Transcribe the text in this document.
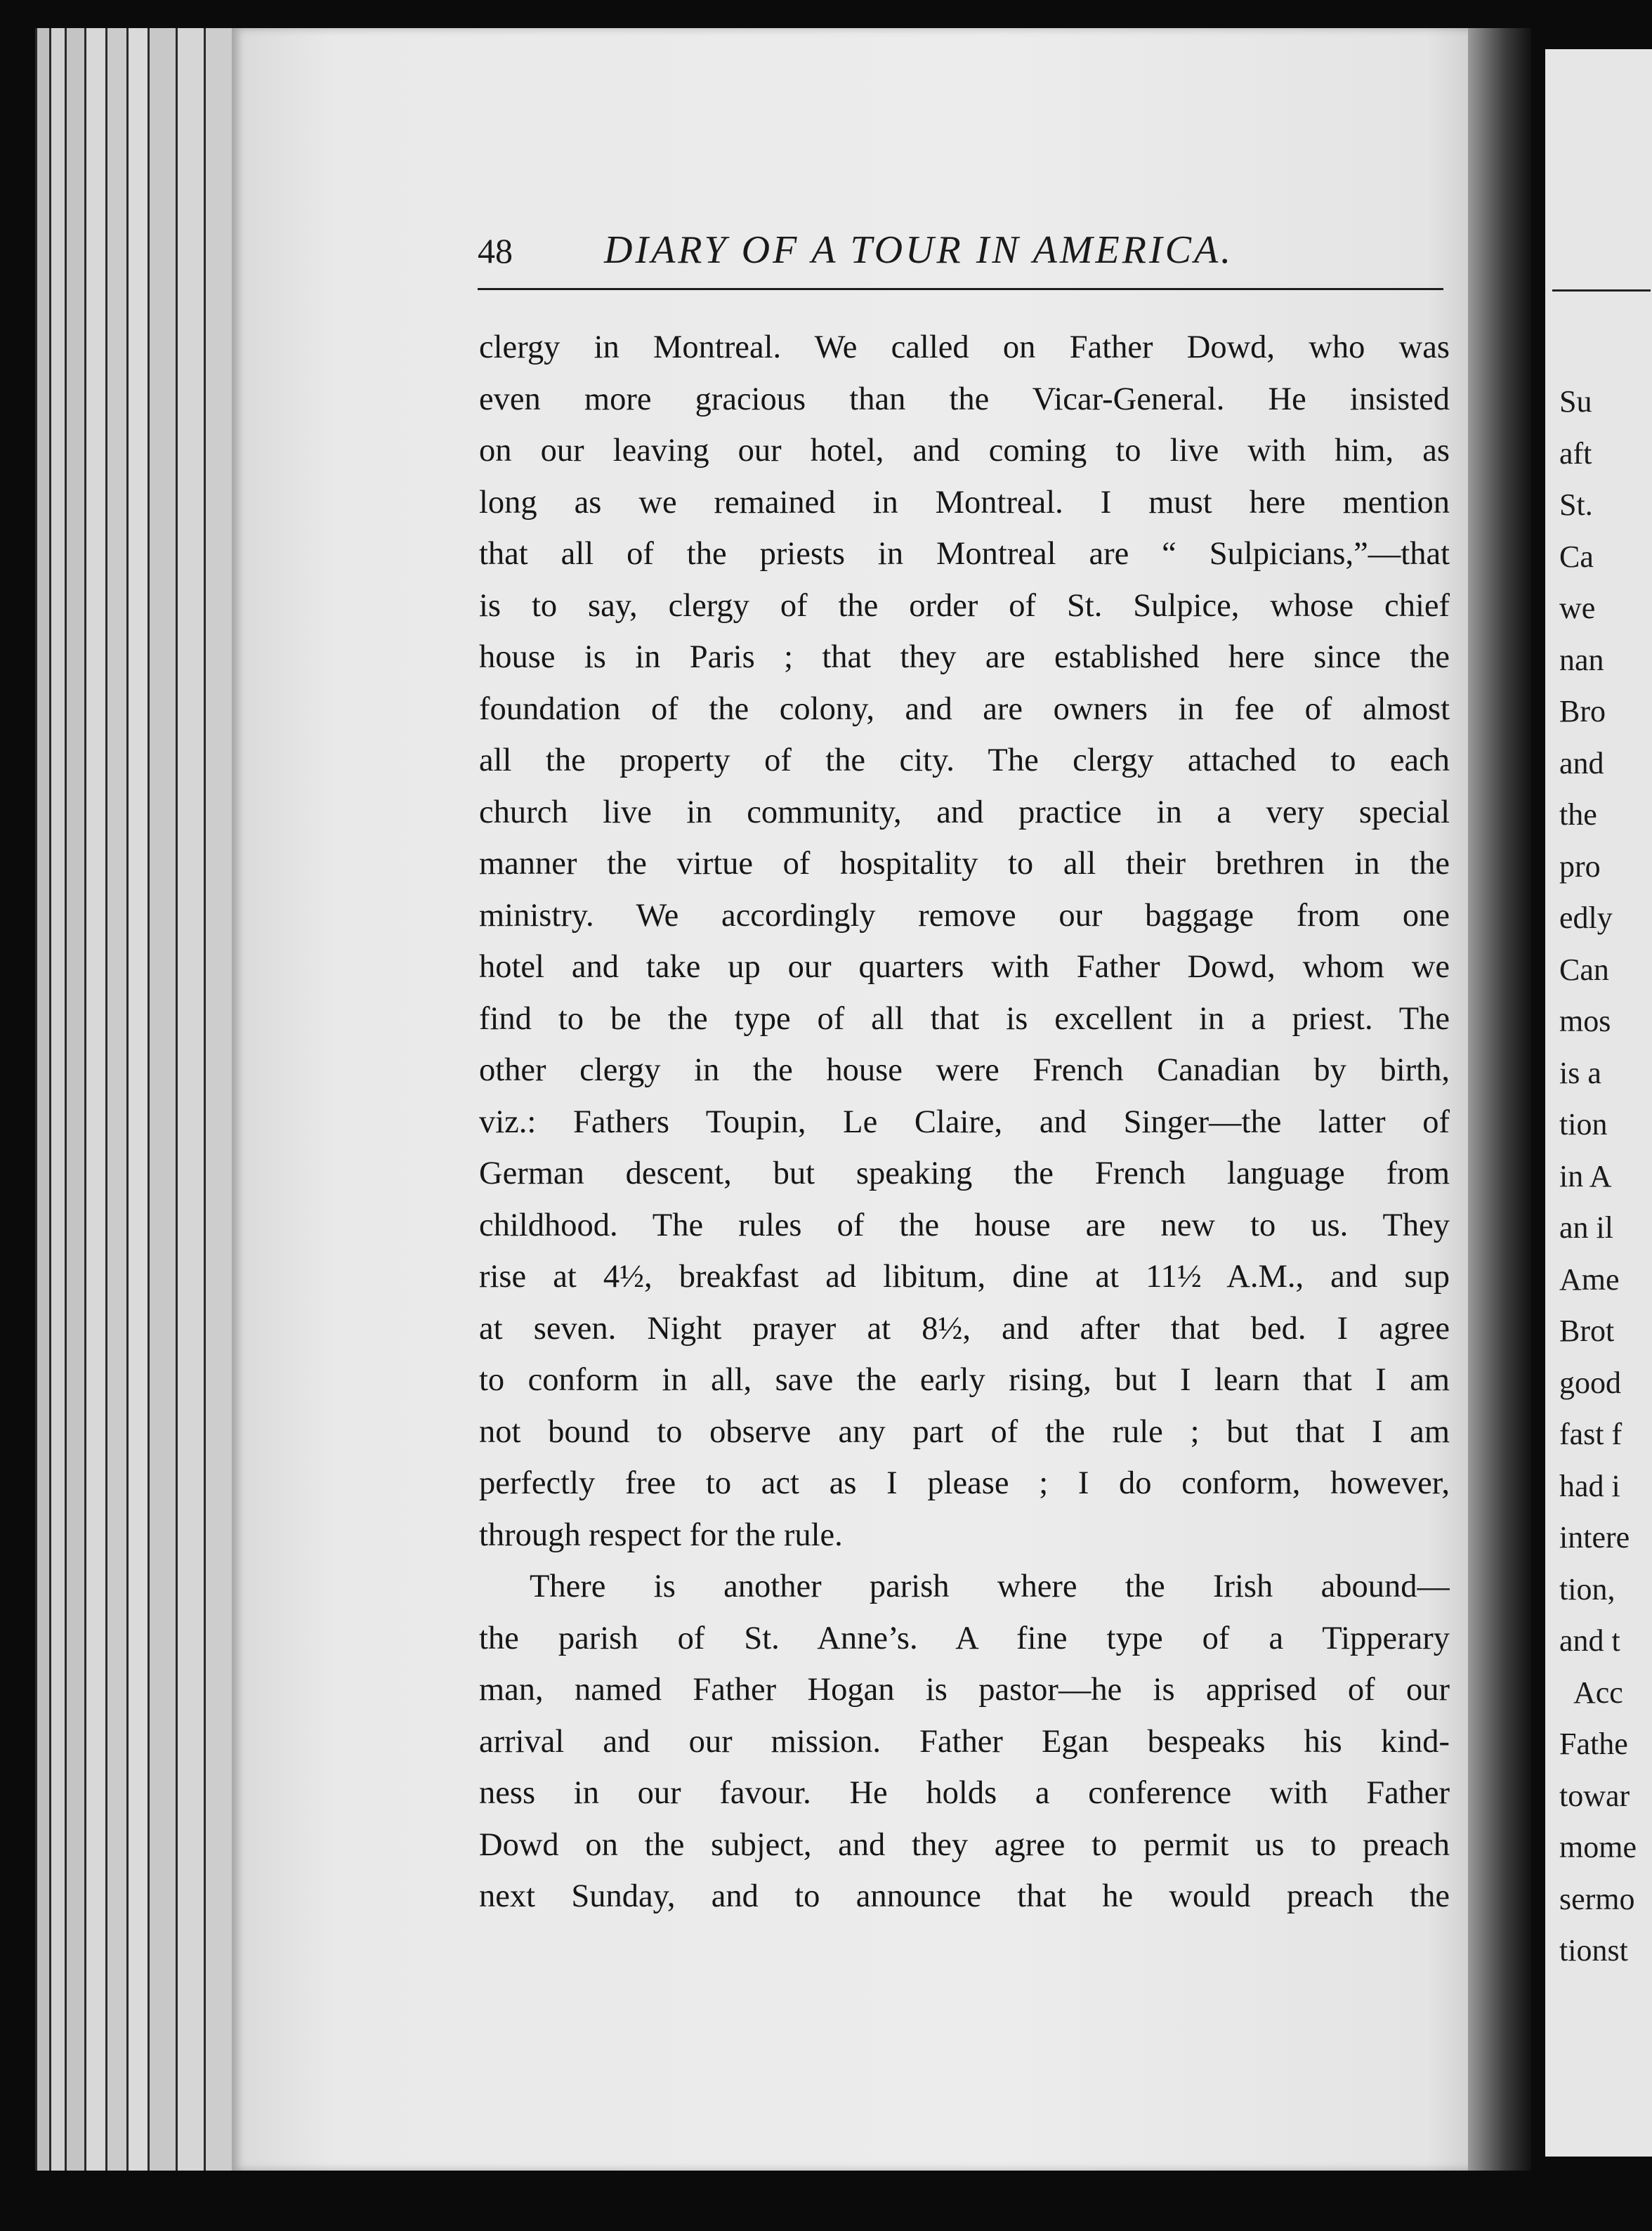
Su
aft
St.
Ca
we
nan
Bro
and
the
pro
edly
Can
mos
is a
tion
in A
an il
Ame
Brot
good
fast f
had i
intere
tion,
and t
Acc
Fathe
towar
mome
sermo
tionst
48 DIARY OF A TOUR IN AMERICA.
clergy in Montreal. We called on Father Dowd, who was
even more gracious than the Vicar-General. He insisted
on our leaving our hotel, and coming to live with him, as
long as we remained in Montreal. I must here mention
that all of the priests in Montreal are “ Sulpicians,”—that
is to say, clergy of the order of St. Sulpice, whose chief
house is in Paris ; that they are established here since the
foundation of the colony, and are owners in fee of almost
all the property of the city. The clergy attached to each
church live in community, and practice in a very special
manner the virtue of hospitality to all their brethren in the
ministry. We accordingly remove our baggage from one
hotel and take up our quarters with Father Dowd, whom we
find to be the type of all that is excellent in a priest. The
other clergy in the house were French Canadian by birth,
viz.: Fathers Toupin, Le Claire, and Singer—the latter of
German descent, but speaking the French language from
childhood. The rules of the house are new to us. They
rise at 4½, breakfast ad libitum, dine at 11½ A.M., and sup
at seven. Night prayer at 8½, and after that bed. I agree
to conform in all, save the early rising, but I learn that I am
not bound to observe any part of the rule ; but that I am
perfectly free to act as I please ; I do conform, however,
through respect for the rule.
There is another parish where the Irish abound—
the parish of St. Anne’s. A fine type of a Tipperary
man, named Father Hogan is pastor—he is apprised of our
arrival and our mission. Father Egan bespeaks his kind-
ness in our favour. He holds a conference with Father
Dowd on the subject, and they agree to permit us to preach
next Sunday, and to announce that he would preach the
